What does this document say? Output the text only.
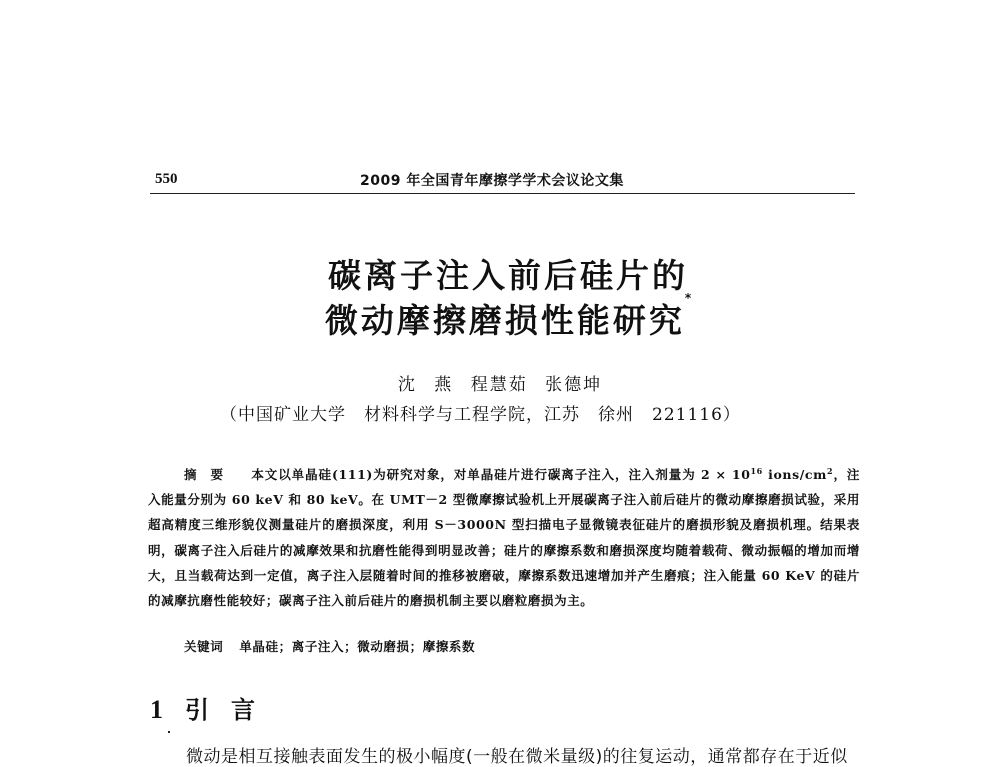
550	2009 年全国青年摩擦学学术会议论文集
碳离子注入前后硅片的
微动摩擦磨损性能研究*
沈 燕 程慧茹 张德坤
（中国矿业大学　材料科学与工程学院，江苏　徐州　221116）
摘要 本文以单晶硅(111)为研究对象，对单晶硅片进行碳离子注入，注入剂量为 $2 \times 10^{16}$ ions/$cm^2$，注入能量分别为 60 keV 和 80 keV。在 UMT－2 型微摩擦试验机上开展碳离子注入前后硅片的微动摩擦磨损试验，采用超高精度三维形貌仪测量硅片的磨损深度，利用 S－3000N 型扫描电子显微镜表征硅片的磨损形貌及磨损机理。结果表明，碳离子注入后硅片的减摩效果和抗磨性能得到明显改善；硅片的摩擦系数和磨损深度均随着载荷、微动振幅的增加而增大，且当载荷达到一定值，离子注入层随着时间的推移被磨破，摩擦系数迅速增加并产生磨痕；注入能量 60 KeV 的硅片的减摩抗磨性能较好；碳离子注入前后硅片的磨损机制主要以磨粒磨损为主。
关键词 单晶硅；离子注入；微动磨损；摩擦系数
1 引言
微动是相互接触表面发生的极小幅度(一般在微米量级)的往复运动，通常都存在于近似
